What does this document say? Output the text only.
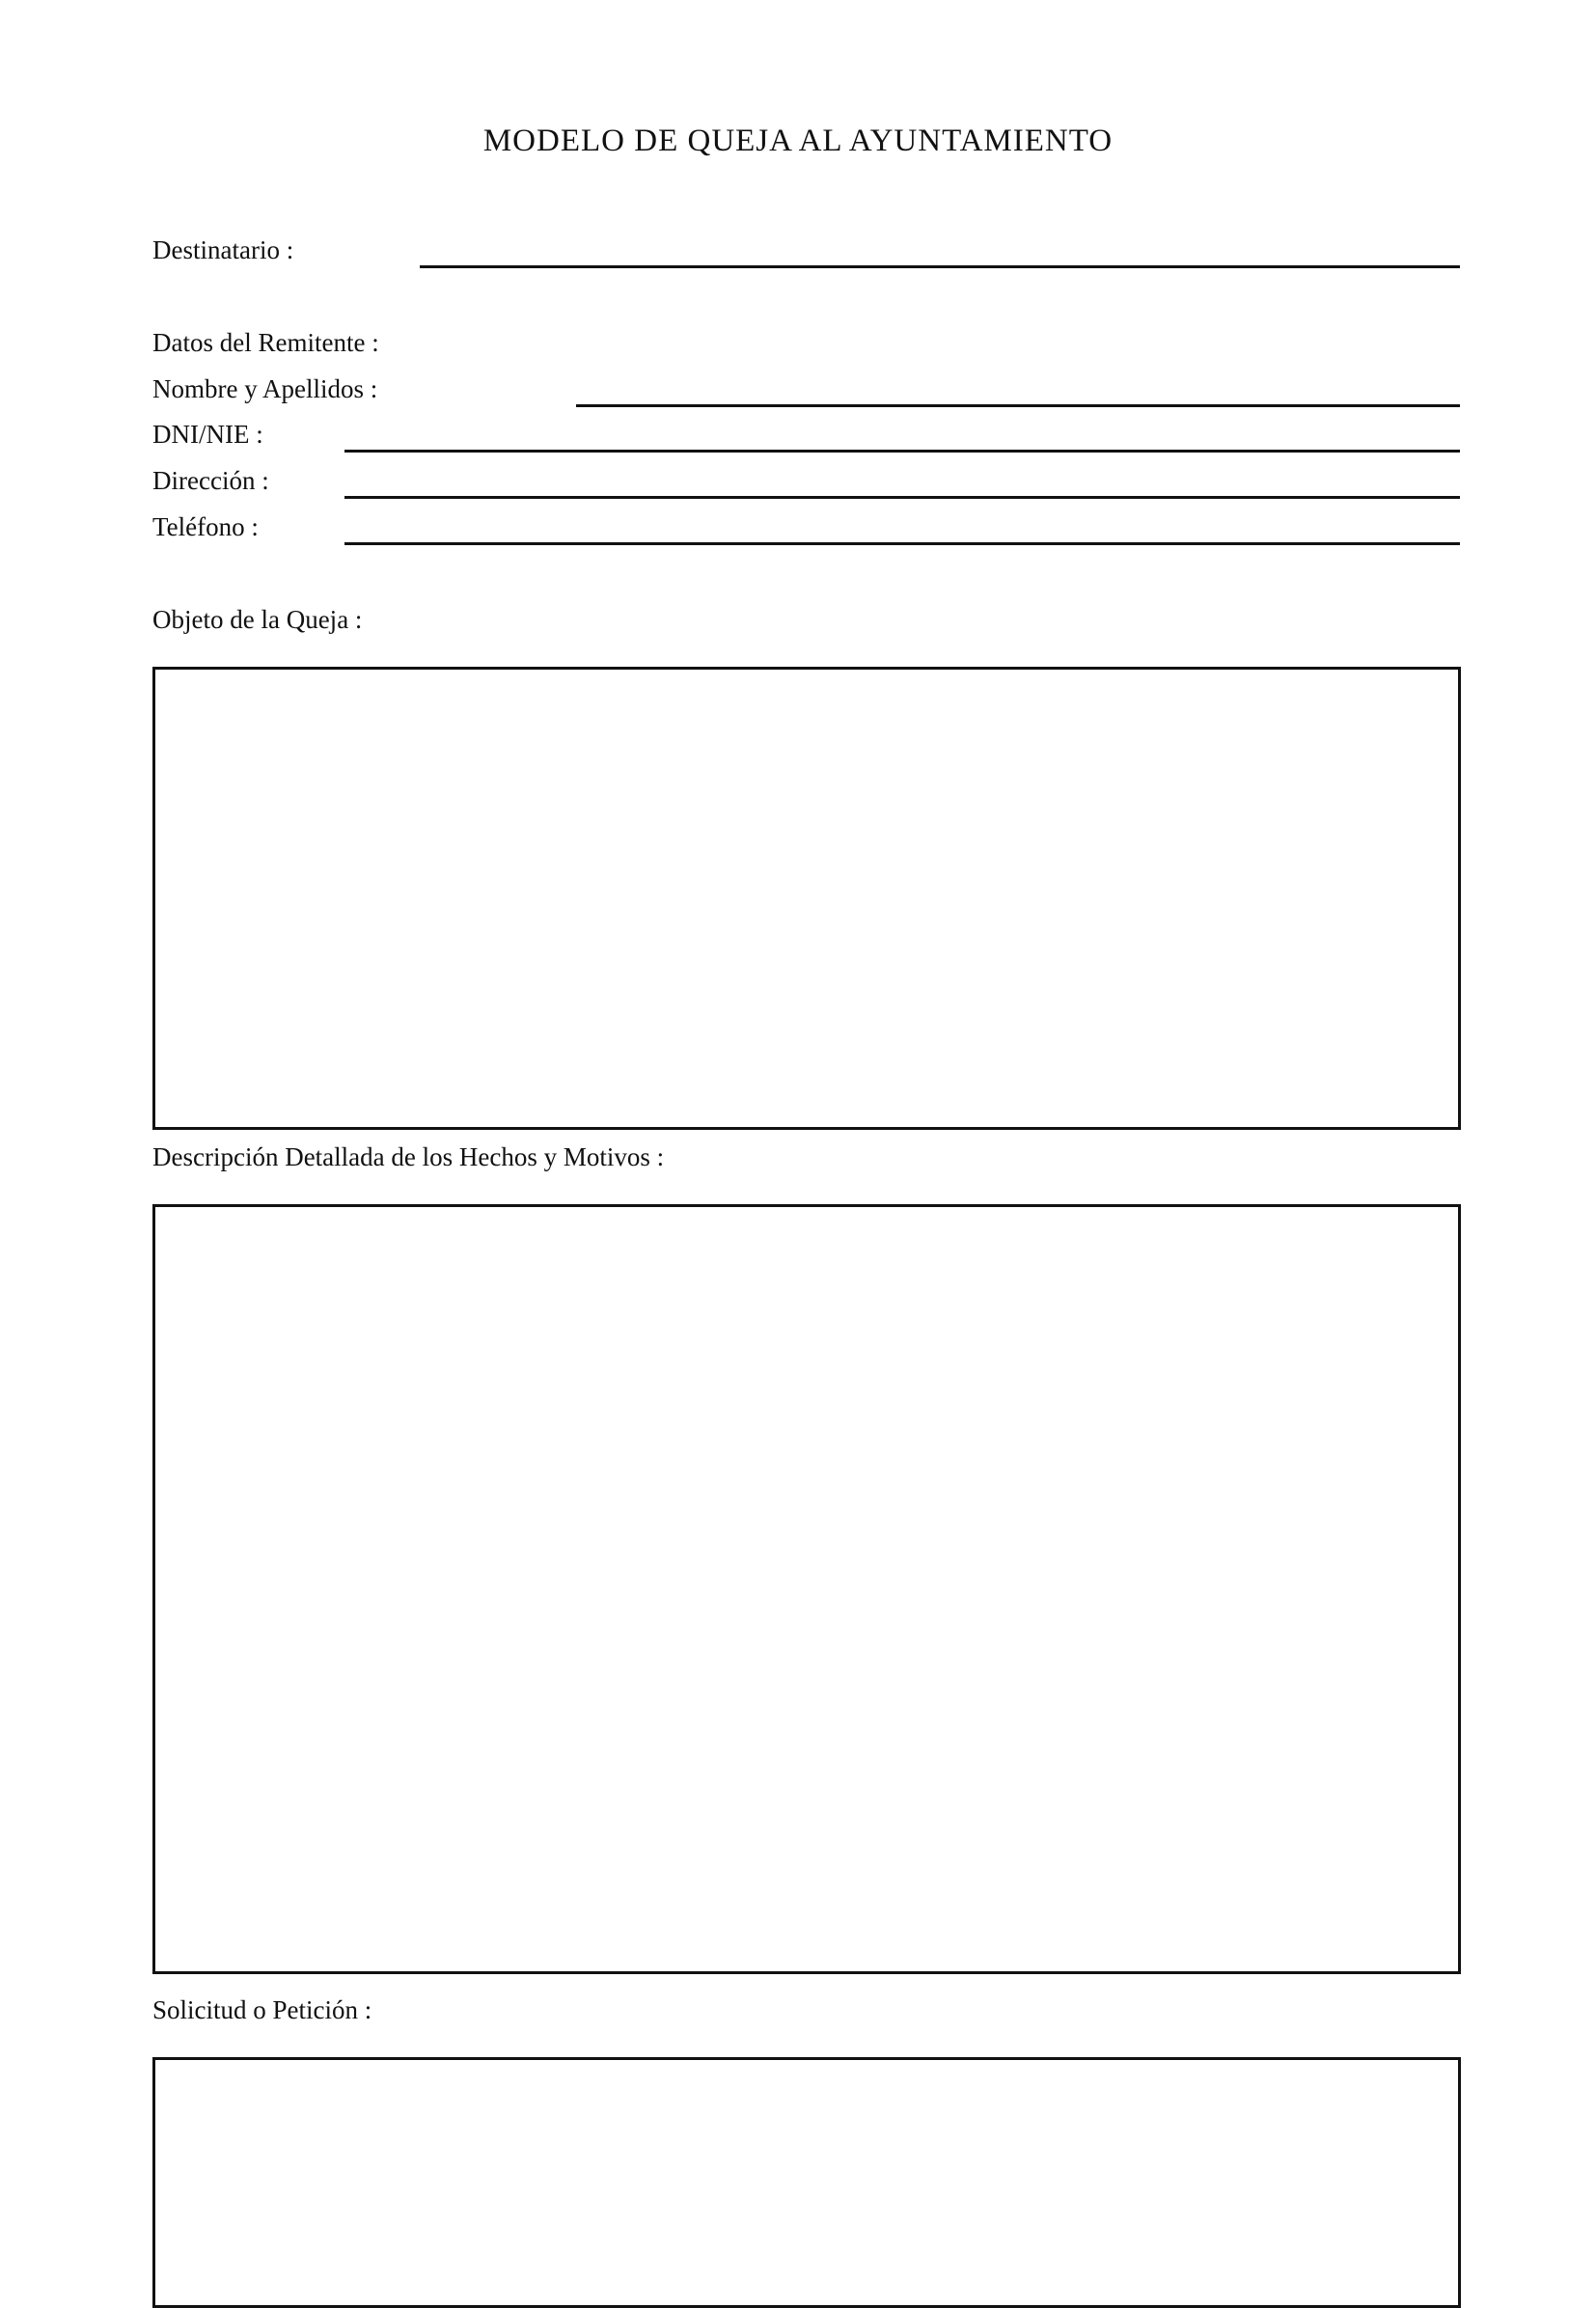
MODELO DE QUEJA AL AYUNTAMIENTO
Destinatario :
Datos del Remitente :
Nombre y Apellidos :
DNI/NIE :
Dirección :
Teléfono :
Objeto de la Queja :
Descripción Detallada de los Hechos y Motivos :
Solicitud o Petición :
